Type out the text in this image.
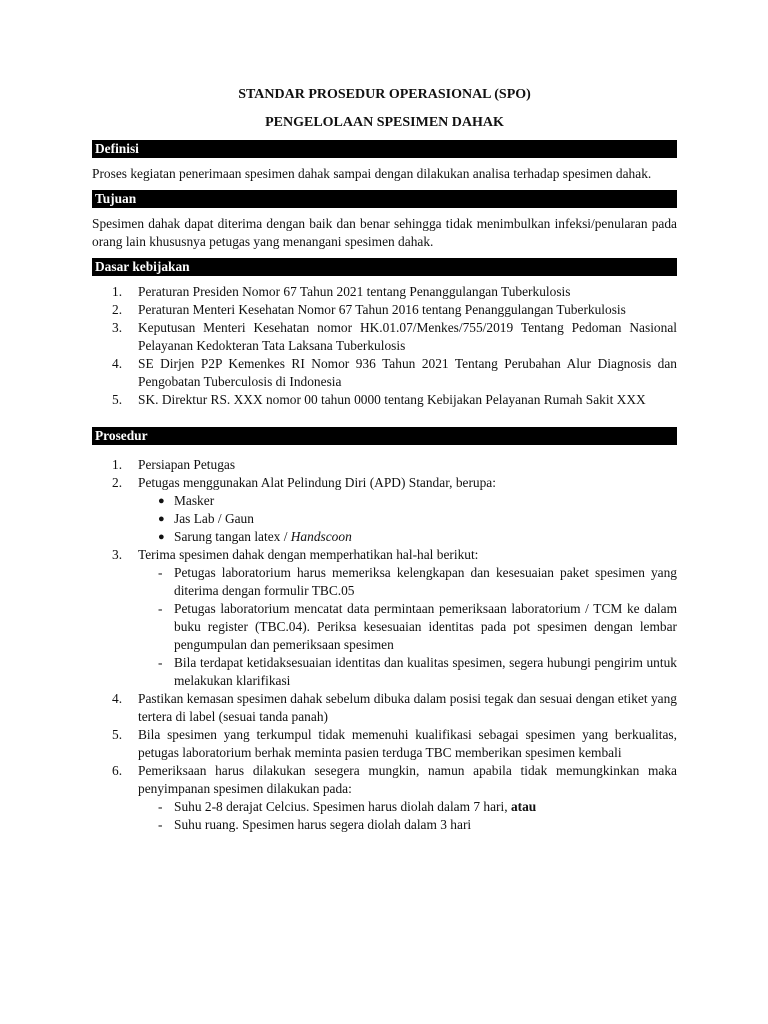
STANDAR PROSEDUR OPERASIONAL (SPO)

PENGELOLAAN SPESIMEN DAHAK

Definisi

Proses kegiatan penerimaan spesimen dahak sampai dengan dilakukan analisa terhadap spesimen dahak.

Tujuan

Spesimen dahak dapat diterima dengan baik dan benar sehingga tidak menimbulkan infeksi/penularan pada orang lain khususnya petugas yang menangani spesimen dahak.

Dasar kebijakan
1. Peraturan Presiden Nomor 67 Tahun 2021 tentang Penanggulangan Tuberkulosis
2. Peraturan Menteri Kesehatan Nomor 67 Tahun 2016 tentang Penanggulangan Tuberkulosis
3. Keputusan Menteri Kesehatan nomor HK.01.07/Menkes/755/2019 Tentang Pedoman Nasional Pelayanan Kedokteran Tata Laksana Tuberkulosis
4. SE Dirjen P2P Kemenkes RI Nomor 936 Tahun 2021 Tentang Perubahan Alur Diagnosis dan Pengobatan Tuberculosis di Indonesia
5. SK. Direktur RS. XXX nomor 00 tahun 0000 tentang Kebijakan Pelayanan Rumah Sakit XXX
Prosedur
1. Persiapan Petugas
2. Petugas menggunakan Alat Pelindung Diri (APD) Standar, berupa:
● Masker
● Jas Lab / Gaun
● Sarung tangan latex / Handscoon
3. Terima spesimen dahak dengan memperhatikan hal-hal berikut:
- Petugas laboratorium harus memeriksa kelengkapan dan kesesuaian paket spesimen yang diterima dengan formulir TBC.05
- Petugas laboratorium mencatat data permintaan pemeriksaan laboratorium / TCM ke dalam buku register (TBC.04). Periksa kesesuaian identitas pada pot spesimen dengan lembar pengumpulan dan pemeriksaan spesimen
- Bila terdapat ketidaksesuaian identitas dan kualitas spesimen, segera hubungi pengirim untuk melakukan klarifikasi
4. Pastikan kemasan spesimen dahak sebelum dibuka dalam posisi tegak dan sesuai dengan etiket yang tertera di label (sesuai tanda panah)
5. Bila spesimen yang terkumpul tidak memenuhi kualifikasi sebagai spesimen yang berkualitas, petugas laboratorium berhak meminta pasien terduga TBC memberikan spesimen kembali
6. Pemeriksaan harus dilakukan sesegera mungkin, namun apabila tidak memungkinkan maka penyimpanan spesimen dilakukan pada:
- Suhu 2-8 derajat Celcius. Spesimen harus diolah dalam 7 hari, atau
- Suhu ruang. Spesimen harus segera diolah dalam 3 hari
